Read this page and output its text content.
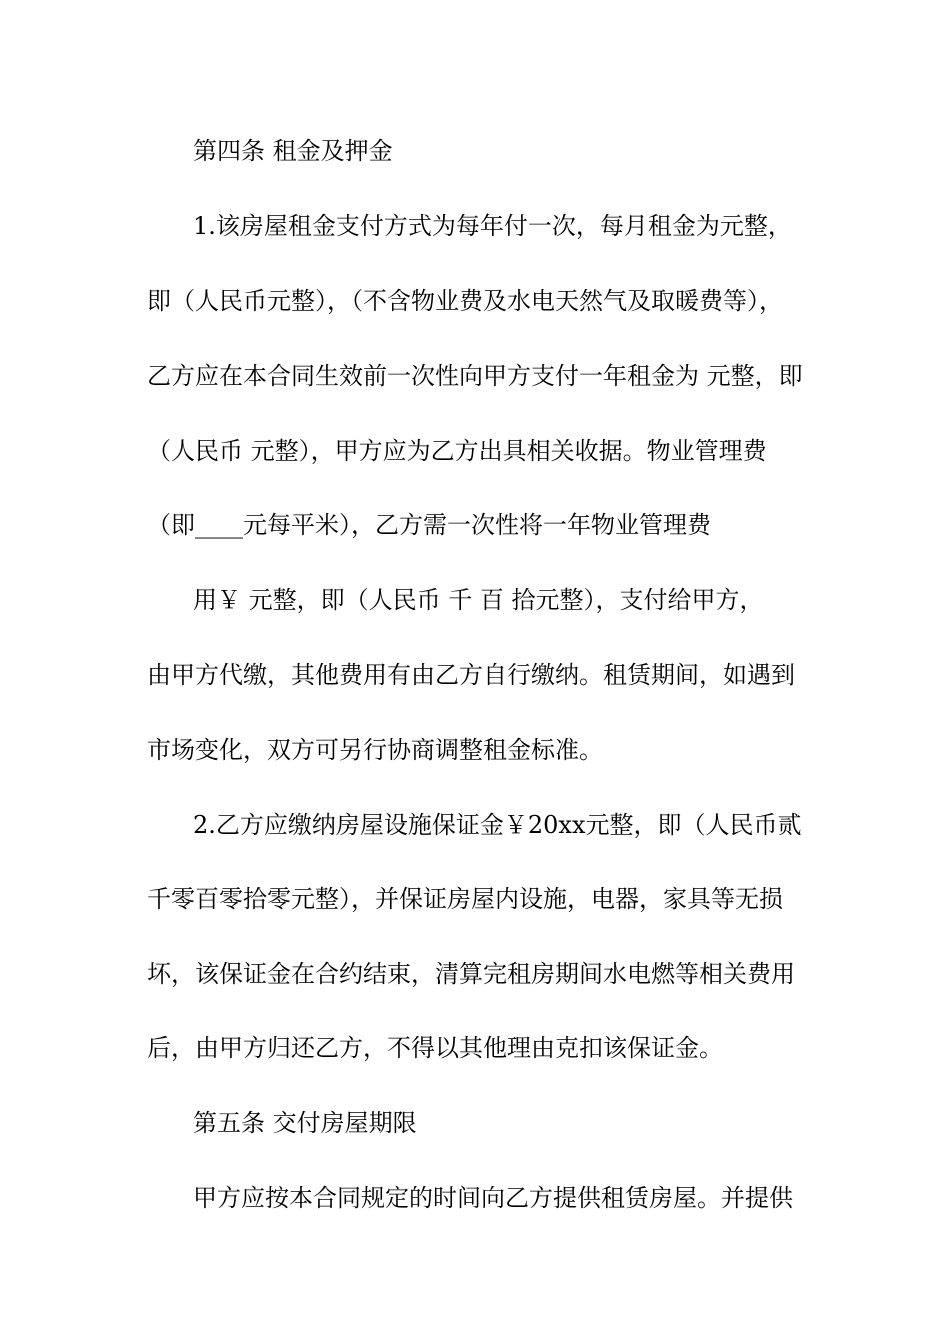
第四条 租金及押金
1.该房屋租金支付方式为每年付一次，每月租金为元整，
即（人民币元整），（不含物业费及水电天然气及取暖费等），
乙方应在本合同生效前一次性向甲方支付一年租金为 元整，即
（人民币 元整），甲方应为乙方出具相关收据。物业管理费
（即____元每平米），乙方需一次性将一年物业管理费
用￥ 元整，即（人民币 千 百 拾元整），支付给甲方，
由甲方代缴，其他费用有由乙方自行缴纳。租赁期间，如遇到
市场变化，双方可另行协商调整租金标准。
2.乙方应缴纳房屋设施保证金￥20xx元整，即（人民币贰
千零百零拾零元整），并保证房屋内设施，电器，家具等无损
坏，该保证金在合约结束，清算完租房期间水电燃等相关费用
后，由甲方归还乙方，不得以其他理由克扣该保证金。
第五条 交付房屋期限
甲方应按本合同规定的时间向乙方提供租赁房屋。并提供
